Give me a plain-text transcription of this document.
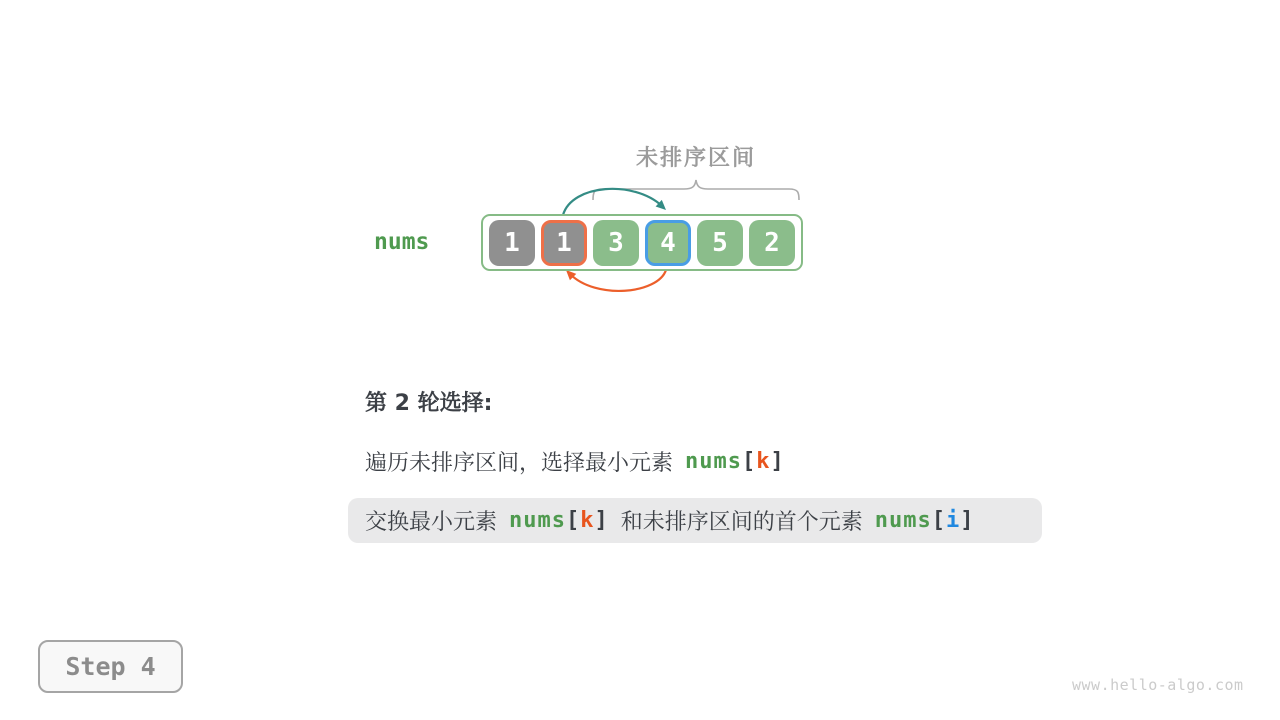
未排序区间
nums	1	1	3	4	5	2
第 2 轮选择:
遍历未排序区间，选择最小元素 nums [ k ]
交换最小元素 nums [ k ] 和未排序区间的首个元素 nums [ i ]
Step 4
www.hello-algo.com
